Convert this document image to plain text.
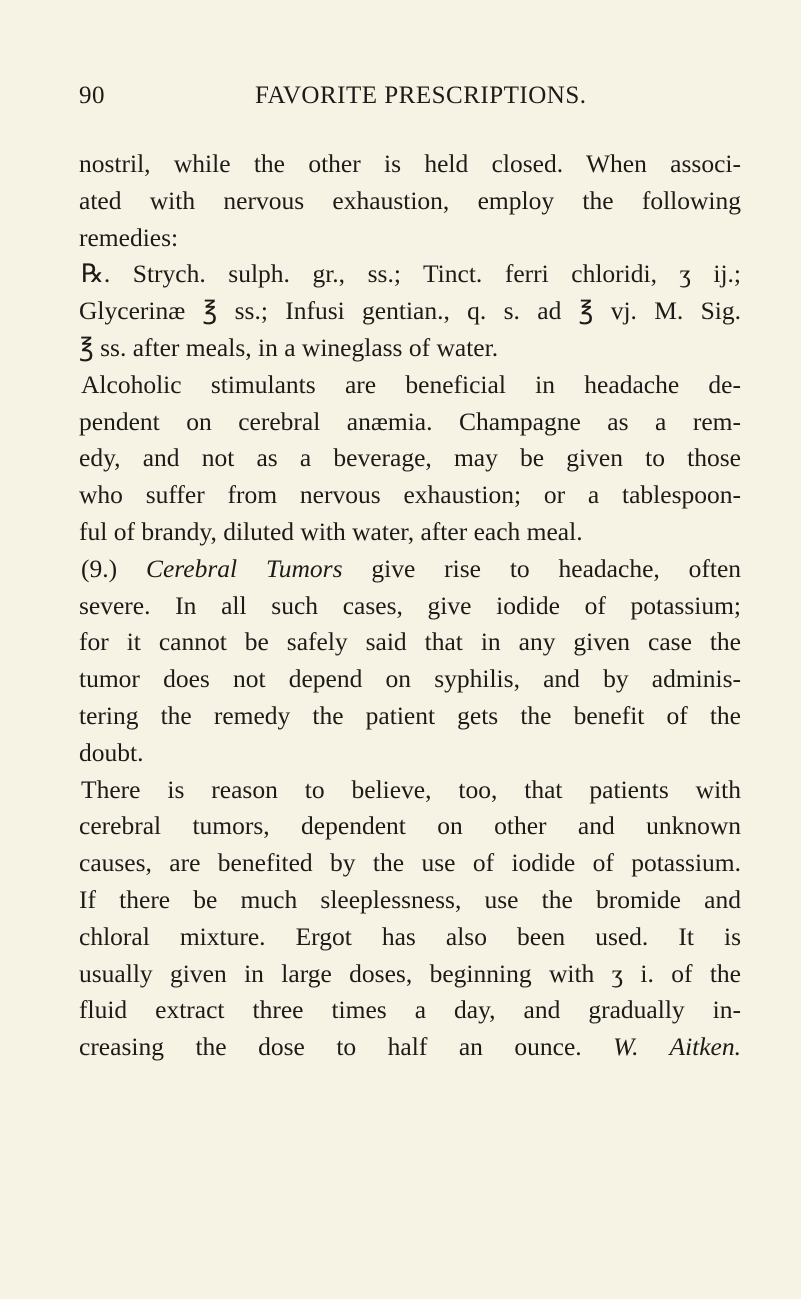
90	FAVORITE PRESCRIPTIONS.
nostril, while the other is held closed. When associ-
ated with nervous exhaustion, employ the following
remedies:
℞. Strych. sulph. gr., ss.; Tinct. ferri chloridi, ʒ ij.;
Glycerinæ ℥ ss.; Infusi gentian., q. s. ad ℥ vj. M. Sig.
℥ ss. after meals, in a wineglass of water.
Alcoholic stimulants are beneficial in headache de-
pendent on cerebral anæmia. Champagne as a rem-
edy, and not as a beverage, may be given to those
who suffer from nervous exhaustion; or a tablespoon-
ful of brandy, diluted with water, after each meal.
(9.) Cerebral Tumors give rise to headache, often
severe. In all such cases, give iodide of potassium;
for it cannot be safely said that in any given case the
tumor does not depend on syphilis, and by adminis-
tering the remedy the patient gets the benefit of the
doubt.
There is reason to believe, too, that patients with
cerebral tumors, dependent on other and unknown
causes, are benefited by the use of iodide of potassium.
If there be much sleeplessness, use the bromide and
chloral mixture. Ergot has also been used. It is
usually given in large doses, beginning with ʒ i. of the
fluid extract three times a day, and gradually in-
creasing the dose to half an ounce. W. Aitken.
